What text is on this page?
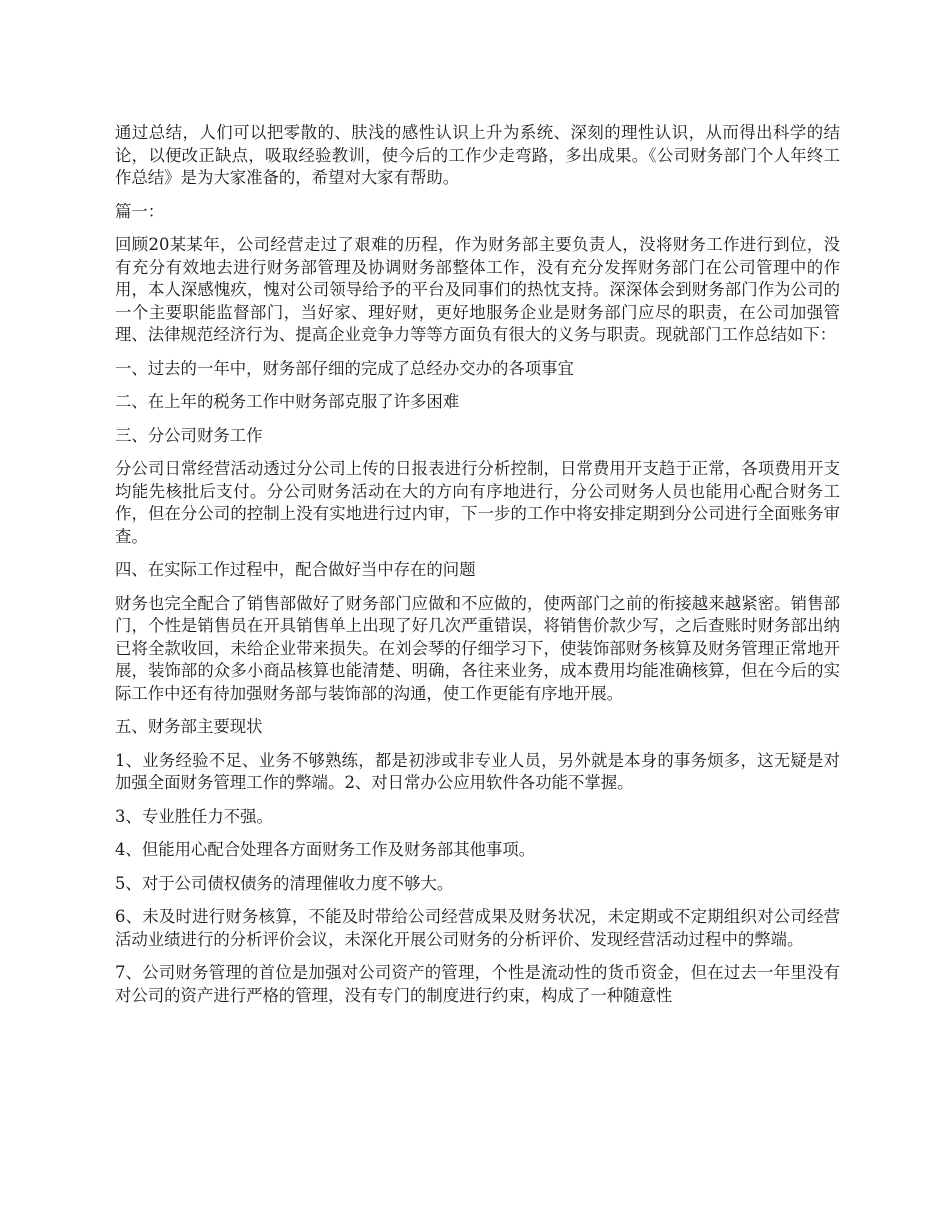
通过总结，人们可以把零散的、肤浅的感性认识上升为系统、深刻的理性认识，从而得出科学的结论，以便改正缺点，吸取经验教训，使今后的工作少走弯路，多出成果。《公司财务部门个人年终工作总结》是为大家准备的，希望对大家有帮助。

篇一：

回顾20某某年，公司经营走过了艰难的历程，作为财务部主要负责人，没将财务工作进行到位，没有充分有效地去进行财务部管理及协调财务部整体工作，没有充分发挥财务部门在公司管理中的作用，本人深感愧疚，愧对公司领导给予的平台及同事们的热忱支持。深深体会到财务部门作为公司的一个主要职能监督部门，当好家、理好财，更好地服务企业是财务部门应尽的职责，在公司加强管理、法律规范经济行为、提高企业竞争力等等方面负有很大的义务与职责。现就部门工作总结如下：

一、过去的一年中，财务部仔细的完成了总经办交办的各项事宜

二、在上年的税务工作中财务部克服了许多困难

三、分公司财务工作

分公司日常经营活动透过分公司上传的日报表进行分析控制，日常费用开支趋于正常，各项费用开支均能先核批后支付。分公司财务活动在大的方向有序地进行，分公司财务人员也能用心配合财务工作，但在分公司的控制上没有实地进行过内审，下一步的工作中将安排定期到分公司进行全面账务审查。

四、在实际工作过程中，配合做好当中存在的问题

财务也完全配合了销售部做好了财务部门应做和不应做的，使两部门之前的衔接越来越紧密。销售部门，个性是销售员在开具销售单上出现了好几次严重错误，将销售价款少写，之后查账时财务部出纳已将全款收回，未给企业带来损失。在刘会琴的仔细学习下，使装饰部财务核算及财务管理正常地开展，装饰部的众多小商品核算也能清楚、明确，各往来业务，成本费用均能准确核算，但在今后的实际工作中还有待加强财务部与装饰部的沟通，使工作更能有序地开展。

五、财务部主要现状

1、业务经验不足、业务不够熟练，都是初涉或非专业人员，另外就是本身的事务烦多，这无疑是对加强全面财务管理工作的弊端。2、对日常办公应用软件各功能不掌握。

3、专业胜任力不强。

4、但能用心配合处理各方面财务工作及财务部其他事项。

5、对于公司债权债务的清理催收力度不够大。

6、未及时进行财务核算，不能及时带给公司经营成果及财务状况，未定期或不定期组织对公司经营活动业绩进行的分析评价会议，未深化开展公司财务的分析评价、发现经营活动过程中的弊端。

7、公司财务管理的首位是加强对公司资产的管理，个性是流动性的货币资金，但在过去一年里没有对公司的资产进行严格的管理，没有专门的制度进行约束，构成了一种随意性
